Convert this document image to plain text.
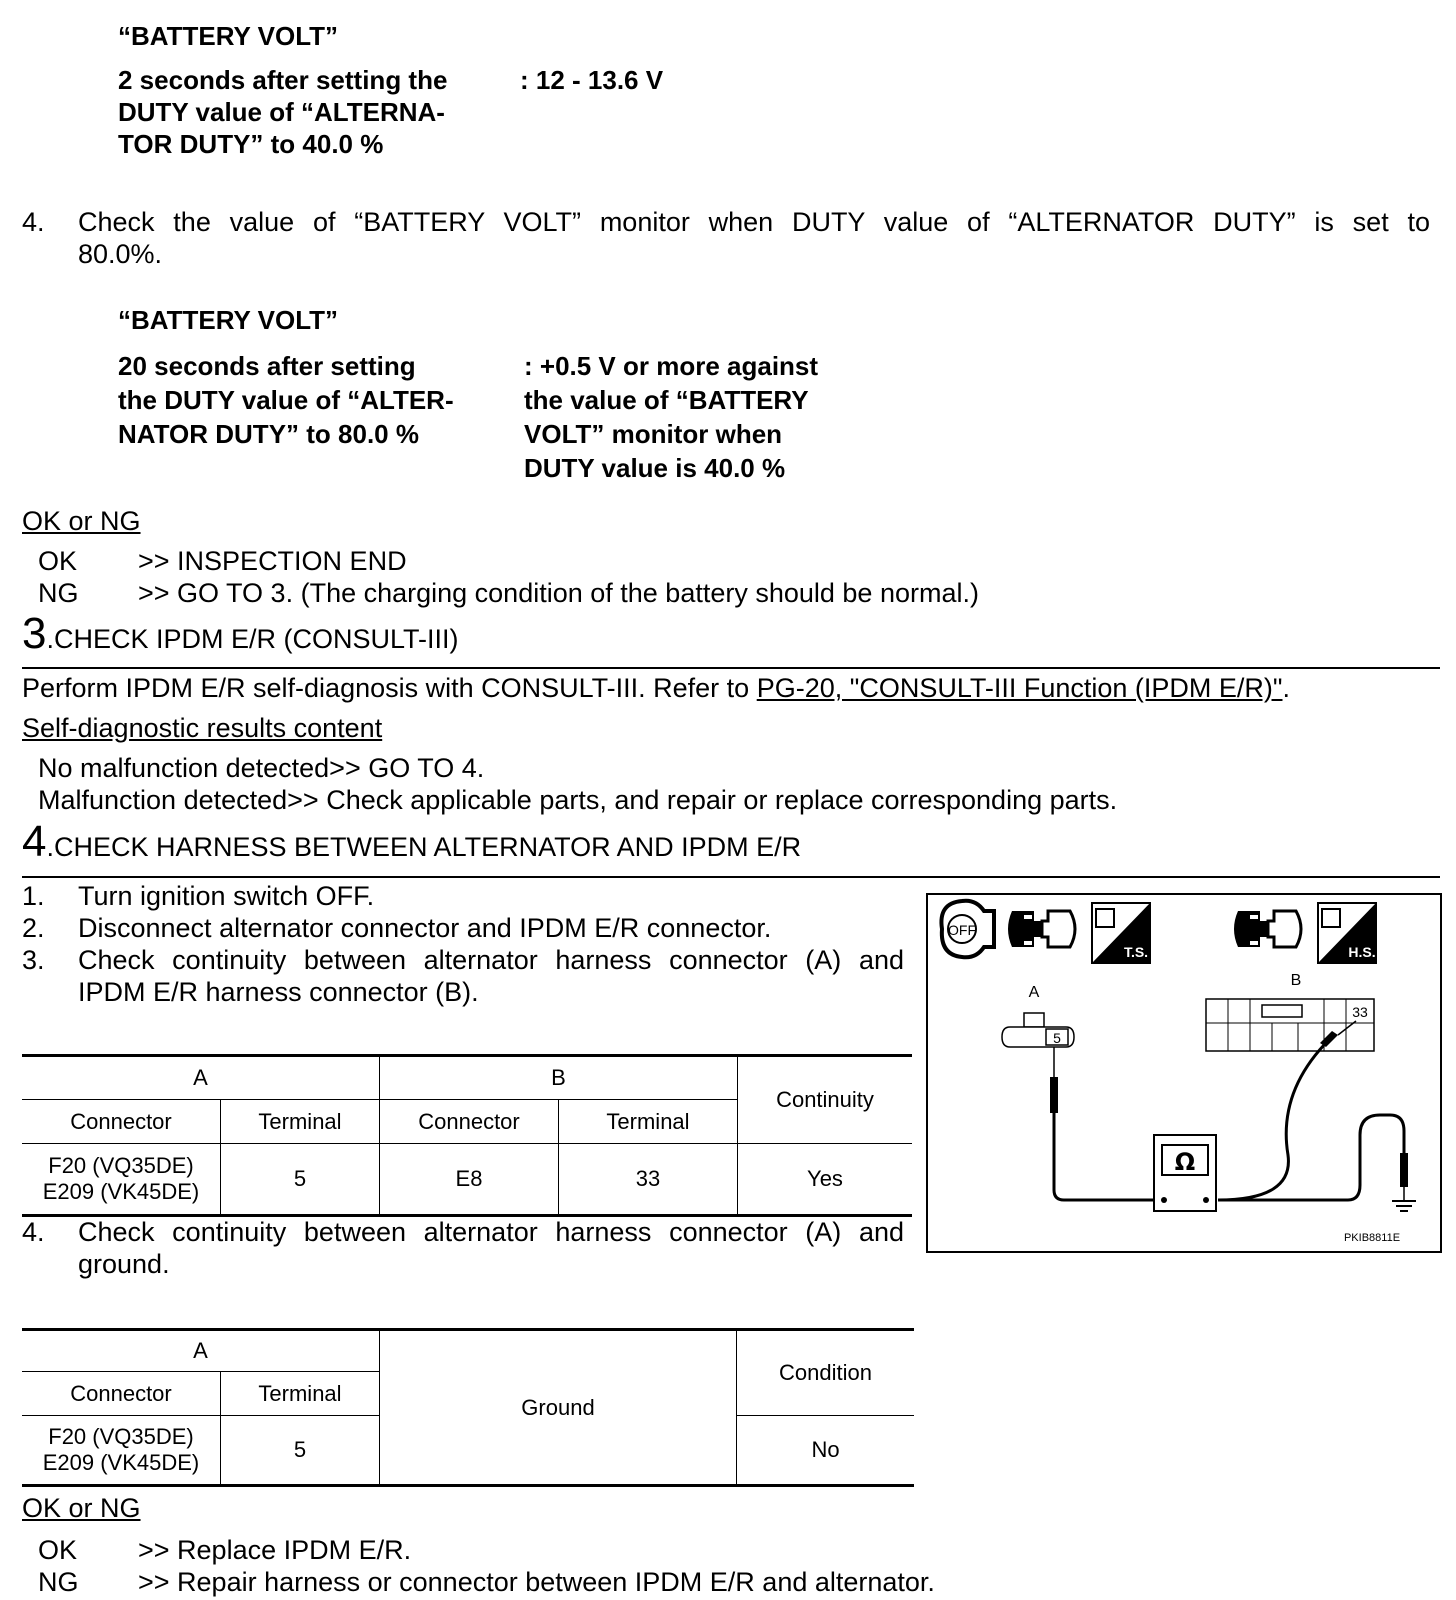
“BATTERY VOLT”
2 seconds after setting the
DUTY value of “ALTERNA-
TOR DUTY” to 40.0 %
: 12 - 13.6 V
4. Check the value of “BATTERY VOLT” monitor when DUTY value of “ALTERNATOR DUTY” is set to
80.0%.
“BATTERY VOLT”
20 seconds after setting
the DUTY value of “ALTER-
NATOR DUTY” to 80.0 %
: +0.5 V or more against
the value of “BATTERY
VOLT” monitor when
DUTY value is 40.0 %
OK or NG
OK >> INSPECTION END
NG >> GO TO 3. (The charging condition of the battery should be normal.)
3.CHECK IPDM E/R (CONSULT-III)
Perform IPDM E/R self-diagnosis with CONSULT-III. Refer to PG-20, "CONSULT-III Function (IPDM E/R)".
Self-diagnostic results content
No malfunction detected>> GO TO 4.
Malfunction detected>> Check applicable parts, and repair or replace corresponding parts.
4.CHECK HARNESS BETWEEN ALTERNATOR AND IPDM E/R
1. Turn ignition switch OFF.
2. Disconnect alternator connector and IPDM E/R connector.
3. Check continuity between alternator harness connector (A) and
IPDM E/R harness connector (B).
A		B		Continuity
Connector	Terminal	Connector	Terminal	

F20 (VQ35DE)
E209 (VK45DE)	5	E8	33	Yes
4. Check continuity between alternator harness connector (A) and
ground.
A		Ground	Condition
Connector	Terminal		

F20 (VQ35DE)
E209 (VK45DE)	5		No
OK or NG
OK >> Replace IPDM E/R.
NG >> Repair harness or connector between IPDM E/R and alternator.
OFF
T.S.	H.S.
A
5
B
33
Ω
PKIB8811E
